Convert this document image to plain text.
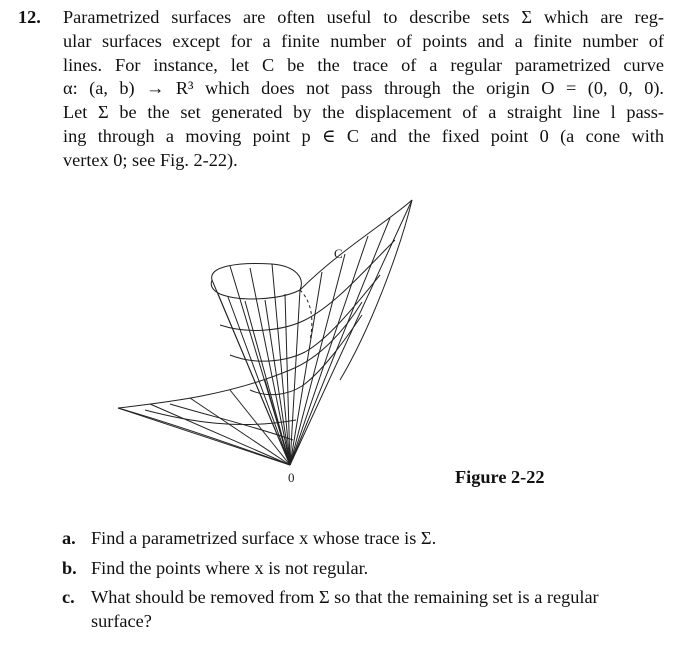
12. Parametrized surfaces are often useful to describe sets Σ which are reg-
ular surfaces except for a finite number of points and a finite number of
lines. For instance, let C be the trace of a regular parametrized curve
α: (a, b) → R³ which does not pass through the origin O = (0, 0, 0).
Let Σ be the set generated by the displacement of a straight line l pass-
ing through a moving point p ∈ C and the fixed point 0 (a cone with
vertex 0; see Fig. 2-22).
C
0	Figure 2-22
a. Find a parametrized surface x whose trace is Σ.
b. Find the points where x is not regular.
c. What should be removed from Σ so that the remaining set is a regular
surface?
